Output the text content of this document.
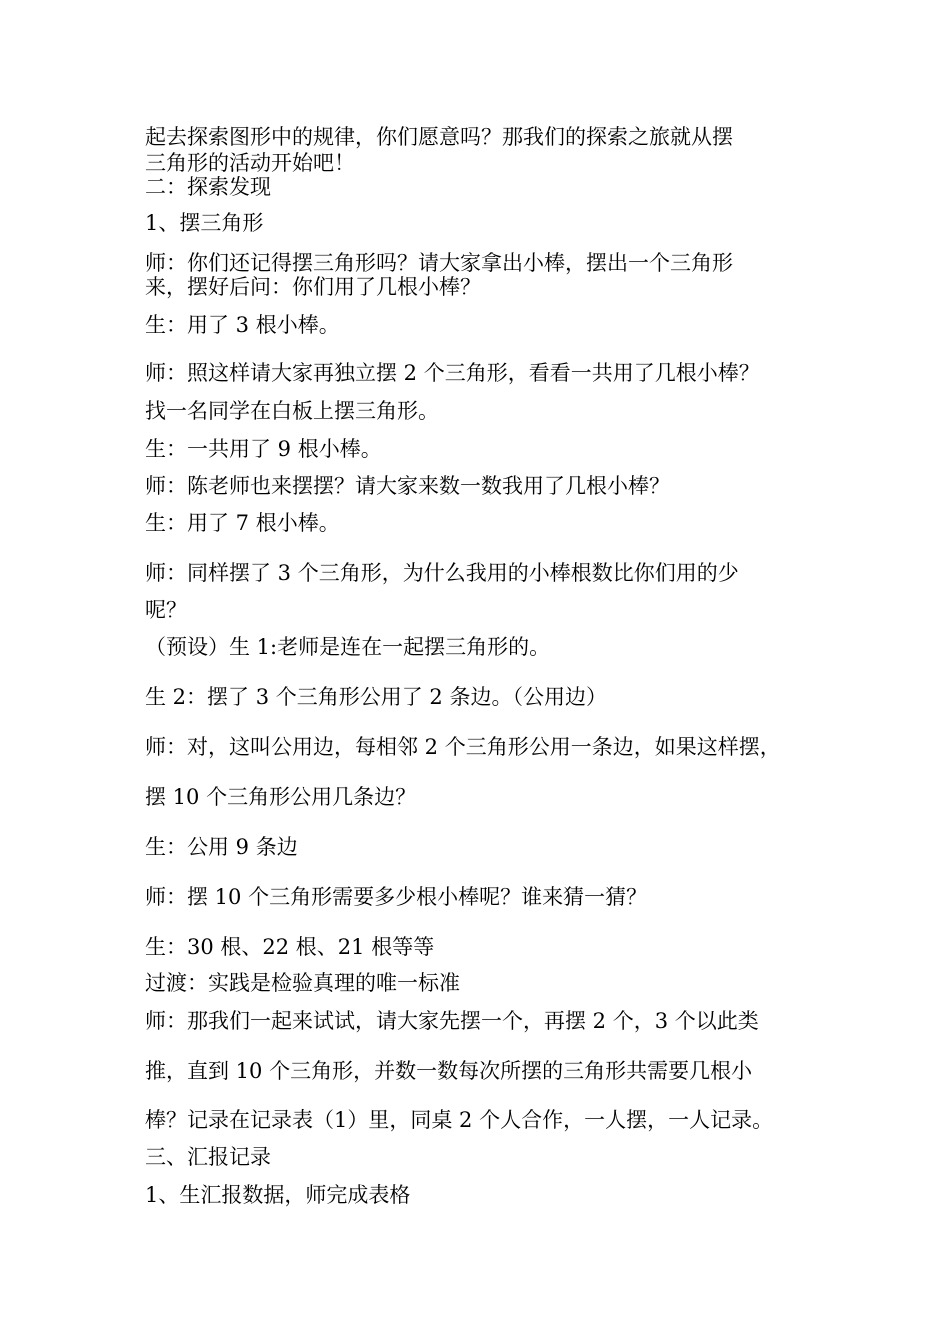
起去探索图形中的规律，你们愿意吗？那我们的探索之旅就从摆
三角形的活动开始吧！
二：探索发现
1、摆三角形
师：你们还记得摆三角形吗？请大家拿出小棒，摆出一个三角形
来，摆好后问：你们用了几根小棒？
生：用了 3 根小棒。
师：照这样请大家再独立摆 2 个三角形，看看一共用了几根小棒？
找一名同学在白板上摆三角形。
生：一共用了 9 根小棒。
师：陈老师也来摆摆？请大家来数一数我用了几根小棒？
生：用了 7 根小棒。
师：同样摆了 3 个三角形，为什么我用的小棒根数比你们用的少
呢？
（预设）生 1:老师是连在一起摆三角形的。
生 2：摆了 3 个三角形公用了 2 条边。（公用边）
师：对，这叫公用边，每相邻 2 个三角形公用一条边，如果这样摆，
摆 10 个三角形公用几条边？
生：公用 9 条边
师：摆 10 个三角形需要多少根小棒呢？谁来猜一猜？
生：30 根、22 根、21 根等等
过渡：实践是检验真理的唯一标准
师：那我们一起来试试，请大家先摆一个，再摆 2 个，3 个以此类
推，直到 10 个三角形，并数一数每次所摆的三角形共需要几根小
棒？记录在记录表（1）里，同桌 2 个人合作，一人摆，一人记录。
三、汇报记录
1、生汇报数据，师完成表格
